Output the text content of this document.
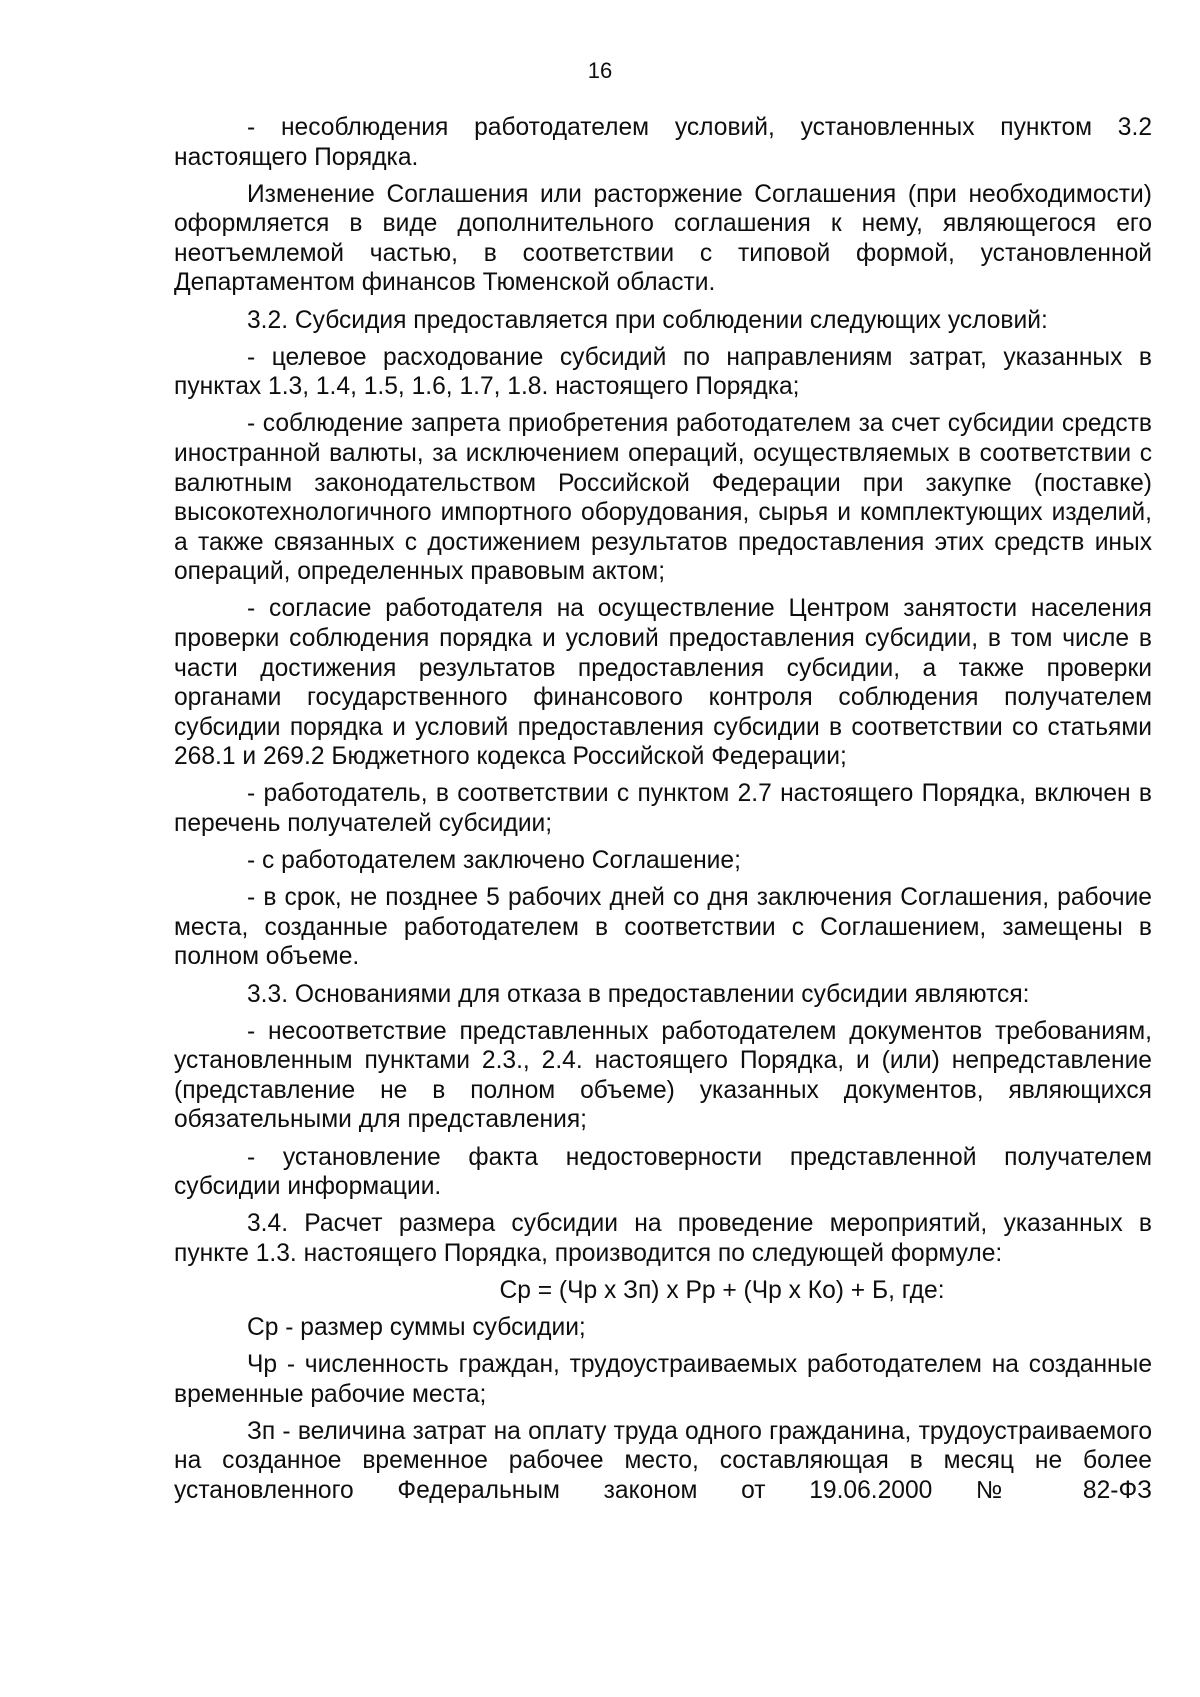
16

- несоблюдения работодателем условий, установленных пунктом 3.2 настоящего Порядка.

Изменение Соглашения или расторжение Соглашения (при необходимости) оформляется в виде дополнительного соглашения к нему, являющегося его неотъемлемой частью, в соответствии с типовой формой, установленной Департаментом финансов Тюменской области.

3.2. Субсидия предоставляется при соблюдении следующих условий:

- целевое расходование субсидий по направлениям затрат, указанных в пунктах 1.3, 1.4, 1.5, 1.6, 1.7, 1.8. настоящего Порядка;

- соблюдение запрета приобретения работодателем за счет субсидии средств иностранной валюты, за исключением операций, осуществляемых в соответствии с валютным законодательством Российской Федерации при закупке (поставке) высокотехнологичного импортного оборудования, сырья и комплектующих изделий, а также связанных с достижением результатов предоставления этих средств иных операций, определенных правовым актом;

- согласие работодателя на осуществление Центром занятости населения проверки соблюдения порядка и условий предоставления субсидии, в том числе в части достижения результатов предоставления субсидии, а также проверки органами государственного финансового контроля соблюдения получателем субсидии порядка и условий предоставления субсидии в соответствии со статьями 268.1 и 269.2 Бюджетного кодекса Российской Федерации;

- работодатель, в соответствии с пунктом 2.7 настоящего Порядка, включен в перечень получателей субсидии;

- с работодателем заключено Соглашение;

- в срок, не позднее 5 рабочих дней со дня заключения Соглашения, рабочие места, созданные работодателем в соответствии с Соглашением, замещены в полном объеме.

3.3. Основаниями для отказа в предоставлении субсидии являются:

- несоответствие представленных работодателем документов требованиям, установленным пунктами 2.3., 2.4. настоящего Порядка, и (или) непредставление (представление не в полном объеме) указанных документов, являющихся обязательными для представления;

- установление факта недостоверности представленной получателем субсидии информации.

3.4. Расчет размера субсидии на проведение мероприятий, указанных в пункте 1.3. настоящего Порядка, производится по следующей формуле:

Ср = (Чр х Зп) х Рр + (Чр х Ко) + Б, где:

Ср - размер суммы субсидии;

Чр - численность граждан, трудоустраиваемых работодателем на созданные временные рабочие места;

Зп - величина затрат на оплату труда одного гражданина, трудоустраиваемого на созданное временное рабочее место, составляющая в месяц не более установленного Федеральным законом от 19.06.2000 № 82-ФЗ
